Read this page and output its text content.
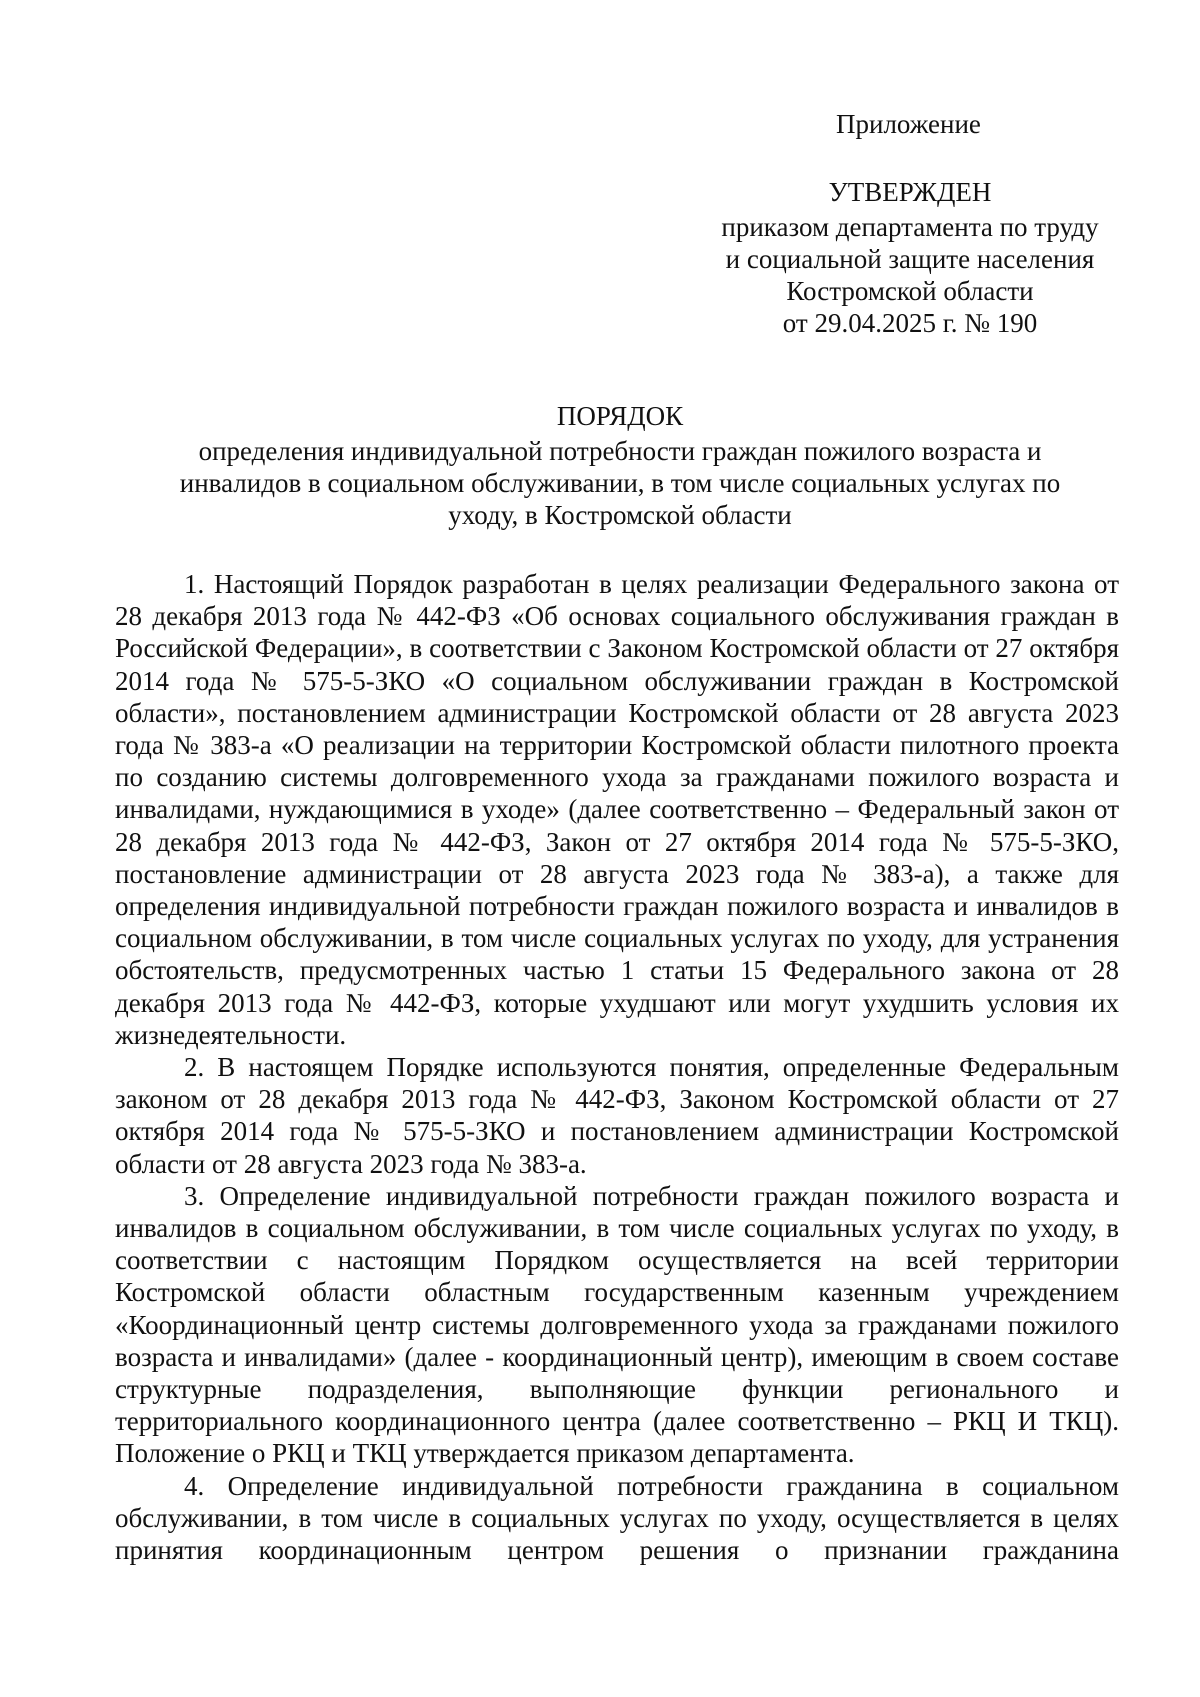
Приложение
УТВЕРЖДЕН
приказом департамента по труду
и социальной защите населения
Костромской области
от 29.04.2025 г. № 190
ПОРЯДОК
определения индивидуальной потребности граждан пожилого возраста и
инвалидов в социальном обслуживании, в том числе социальных услугах по
уходу, в Костромской области

1. Настоящий Порядок разработан в целях реализации Федерального закона от 28 декабря 2013 года № 442-ФЗ «Об основах социального обслуживания граждан в Российской Федерации», в соответствии с Законом Костромской области от 27 октября 2014 года № 575-5-ЗКО «О социальном обслуживании граждан в Костромской области», постановлением администрации Костромской области от 28 августа 2023 года № 383-а «О реализации на территории Костромской области пилотного проекта по созданию системы долговременного ухода за гражданами пожилого возраста и инвалидами, нуждающимися в уходе» (далее соответственно – Федеральный закон от 28 декабря 2013 года № 442-ФЗ, Закон от 27 октября 2014 года № 575-5-ЗКО, постановление администрации от 28 августа 2023 года № 383-а), а также для определения индивидуальной потребности граждан пожилого возраста и инвалидов в социальном обслуживании, в том числе социальных услугах по уходу, для устранения обстоятельств, предусмотренных частью 1 статьи 15 Федерального закона от 28 декабря 2013 года № 442-ФЗ, которые ухудшают или могут ухудшить условия их жизнедеятельности.

2. В настоящем Порядке используются понятия, определенные Федеральным законом от 28 декабря 2013 года № 442-ФЗ, Законом Костромской области от 27 октября 2014 года № 575-5-ЗКО и постановлением администрации Костромской области от 28 августа 2023 года № 383-а.

3. Определение индивидуальной потребности граждан пожилого возраста и инвалидов в социальном обслуживании, в том числе социальных услугах по уходу, в соответствии с настоящим Порядком осуществляется на всей территории Костромской области областным государственным казенным учреждением «Координационный центр системы долговременного ухода за гражданами пожилого возраста и инвалидами» (далее - координационный центр), имеющим в своем составе структурные подразделения, выполняющие функции регионального и территориального координационного центра (далее соответственно – РКЦ И ТКЦ). Положение о РКЦ и ТКЦ утверждается приказом департамента.

4. Определение индивидуальной потребности гражданина в социальном обслуживании, в том числе в социальных услугах по уходу, осуществляется в целях принятия координационным центром решения о признании гражданина
